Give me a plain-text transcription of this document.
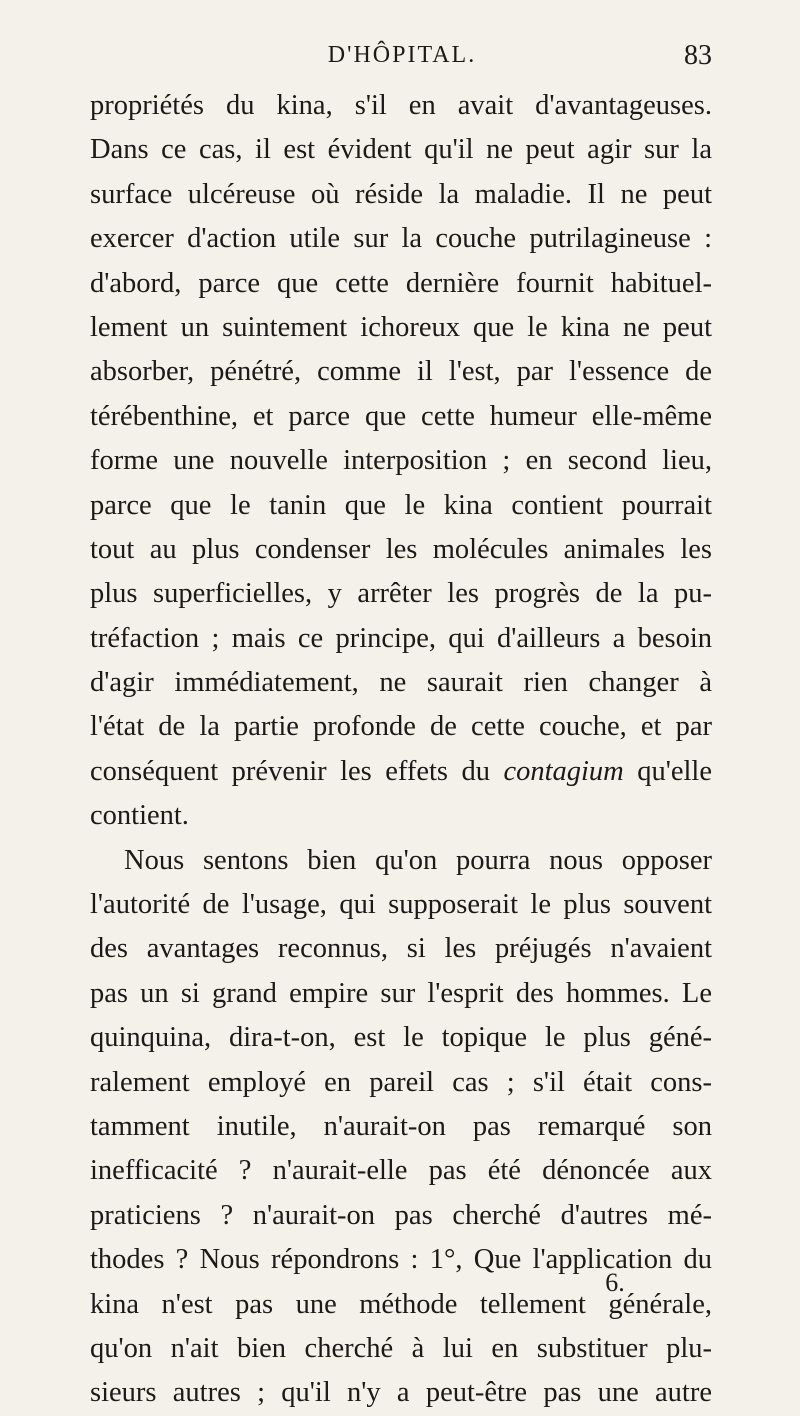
D'HÔPITAL.	83
propriétés du kina, s'il en avait d'avantageuses.
Dans ce cas, il est évident qu'il ne peut agir sur la
surface ulcéreuse où réside la maladie. Il ne peut
exercer d'action utile sur la couche putrilagineuse :
d'abord, parce que cette dernière fournit habituel-
lement un suintement ichoreux que le kina ne peut
absorber, pénétré, comme il l'est, par l'essence de
térébenthine, et parce que cette humeur elle-même
forme une nouvelle interposition ; en second lieu,
parce que le tanin que le kina contient pourrait
tout au plus condenser les molécules animales les
plus superficielles, y arrêter les progrès de la pu-
tréfaction ; mais ce principe, qui d'ailleurs a besoin
d'agir immédiatement, ne saurait rien changer à
l'état de la partie profonde de cette couche, et par
conséquent prévenir les effets du contagium qu'elle
contient.
Nous sentons bien qu'on pourra nous opposer
l'autorité de l'usage, qui supposerait le plus souvent
des avantages reconnus, si les préjugés n'avaient
pas un si grand empire sur l'esprit des hommes. Le
quinquina, dira-t-on, est le topique le plus géné-
ralement employé en pareil cas ; s'il était cons-
tamment inutile, n'aurait-on pas remarqué son
inefficacité ? n'aurait-elle pas été dénoncée aux
praticiens ? n'aurait-on pas cherché d'autres mé-
thodes ? Nous répondrons : 1°, Que l'application du
kina n'est pas une méthode tellement générale,
qu'on n'ait bien cherché à lui en substituer plu-
sieurs autres ; qu'il n'y a peut-être pas une autre
6.
